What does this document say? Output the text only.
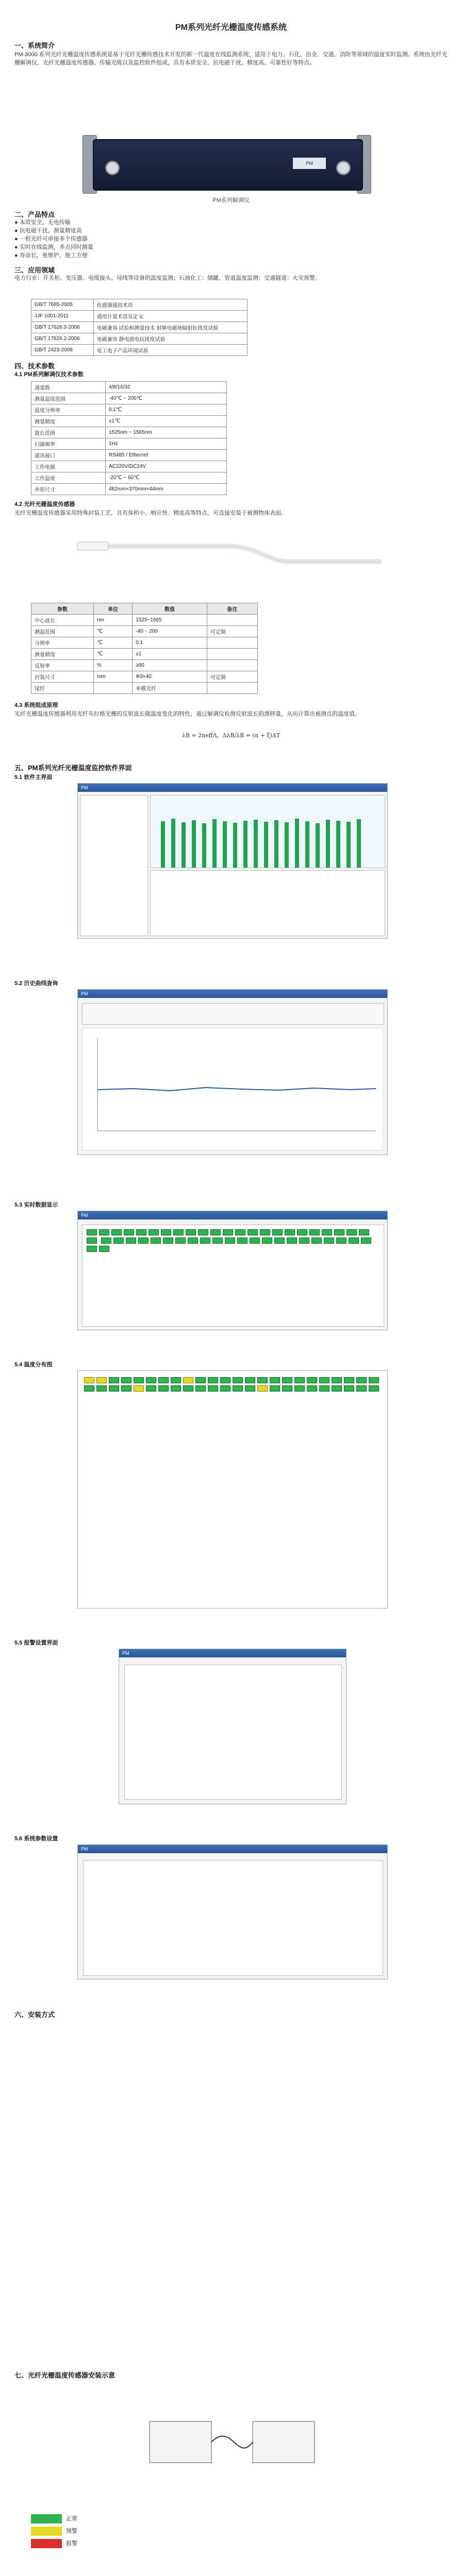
PM系列光纤光栅温度传感系统
一、系统简介
PM-3000 系列光纤光栅温度传感系统是基于光纤光栅传感技术开发的新一代温度在线监测系统，适用于电力、石化、冶金、交通、消防等领域的温度实时监测。系统由光纤光栅解调仪、光纤光栅温度传感器、传输光缆以及监控软件组成，具有本质安全、抗电磁干扰、精度高、可靠性好等特点。
PM
PM系列解调仪
二、产品特点
● 本质安全，无电传输
● 抗电磁干扰，测量精度高
● 一根光纤可串接多个传感器
● 实时在线监测，多点同时测量
● 寿命长，免维护，施工方便
三、应用领域
电力行业：开关柜、变压器、电缆接头、母线等设备的温度监测；石油化工：储罐、管道温度监测；交通隧道：火灾预警。
GB/T 7665-2005	传感器通用术语
JJF 1001-2011	通用计量术语及定义
GB/T 17626.3-2006	电磁兼容 试验和测量技术 射频电磁场辐射抗扰度试验
GB/T 17626.2-2006	电磁兼容 静电放电抗扰度试验
GB/T 2423-2008	电工电子产品环境试验
四、技术参数
4.1 PM系列解调仪技术参数
通道数	4/8/16/32
测量温度范围	-40℃ ~ 200℃
温度分辨率	0.1℃
测量精度	±1℃
波长范围	1525nm ~ 1565nm
扫描频率	1Hz
通讯接口	RS485 / Ethernet
工作电源	AC220V/DC24V
工作温度	-20℃ ~ 60℃
外形尺寸	482mm×370mm×44mm
4.2 光纤光栅温度传感器
光纤光栅温度传感器采用特殊封装工艺，具有体积小、响应快、精度高等特点，可直接安装于被测物体表面。
参数	单位	数值	备注
中心波长	nm	1525~1565	
测温范围	℃	-40 ~ 200	可定制
分辨率	℃	0.1	
测量精度	℃	±1	
反射率	%	≥90	
封装尺寸	mm	Φ3×40	可定制
尾纤		单模光纤	
4.3 系统组成原理
光纤光栅温度传感器利用光纤布拉格光栅的反射波长随温度变化的特性，通过解调仪检测反射波长的漂移量，从而计算出被测点的温度值。
λB = 2neffΛ，ΔλB/λB = (α + ξ)ΔT
五、PM系列光纤光栅温度监控软件界面
5.1 软件主界面
PM
5.2 历史曲线查询
PM
5.3 实时数据显示
PM

5.4 温度分布图

5.5 报警设置界面
PM
5.6 系统参数设置
PM
六、安装方式
七、光纤光栅温度传感器安装示意
正常
预警
报警
